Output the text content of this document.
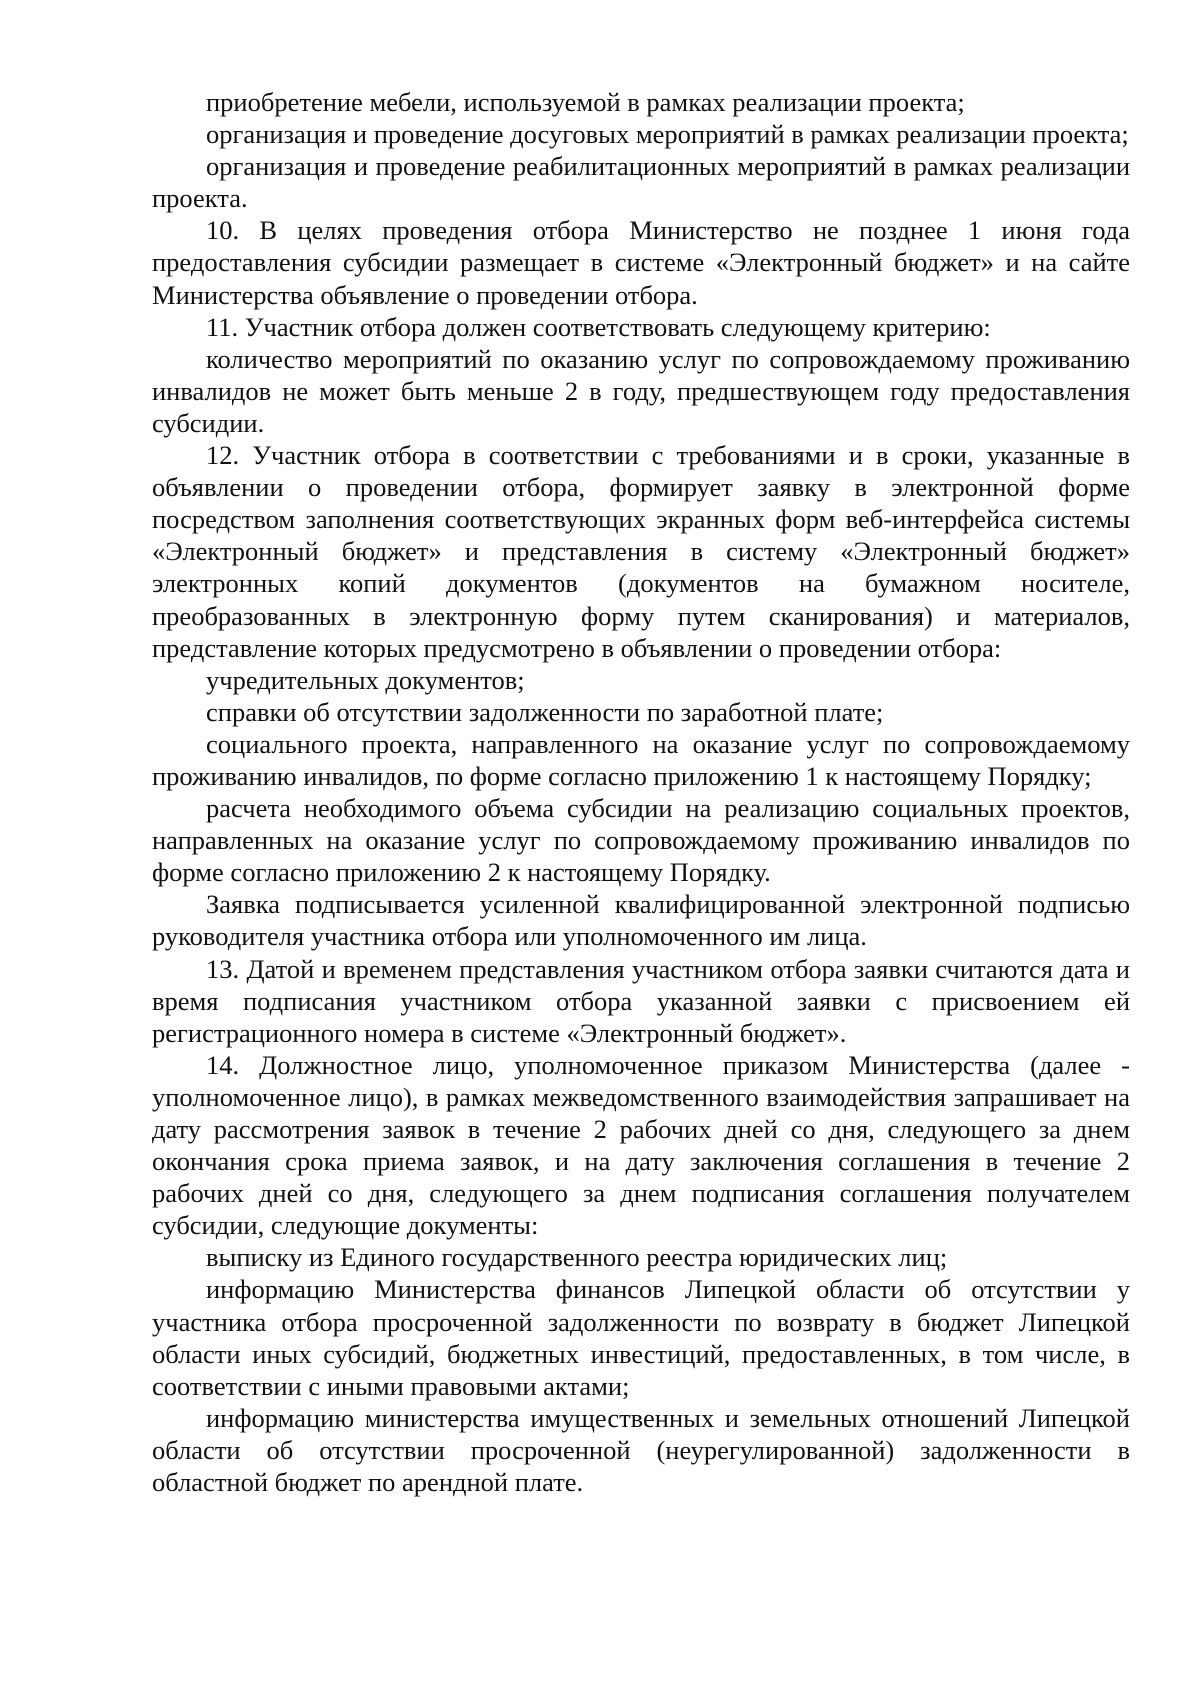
приобретение мебели, используемой в рамках реализации проекта;

организация и проведение досуговых мероприятий в рамках реализации проекта;

организация и проведение реабилитационных мероприятий в рамках реализации проекта.

10. В целях проведения отбора Министерство не позднее 1 июня года предоставления субсидии размещает в системе «Электронный бюджет» и на сайте Министерства объявление о проведении отбора.

11. Участник отбора должен соответствовать следующему критерию:

количество мероприятий по оказанию услуг по сопровождаемому проживанию инвалидов не может быть меньше 2 в году, предшествующем году предоставления субсидии.

12. Участник отбора в соответствии с требованиями и в сроки, указанные в объявлении о проведении отбора, формирует заявку в электронной форме посредством заполнения соответствующих экранных форм веб-интерфейса системы «Электронный бюджет» и представления в систему «Электронный бюджет» электронных копий документов (документов на бумажном носителе, преобразованных в электронную форму путем сканирования) и материалов, представление которых предусмотрено в объявлении о проведении отбора:

учредительных документов;

справки об отсутствии задолженности по заработной плате;

социального проекта, направленного на оказание услуг по сопровождаемому проживанию инвалидов, по форме согласно приложению 1 к настоящему Порядку;

расчета необходимого объема субсидии на реализацию социальных проектов, направленных на оказание услуг по сопровождаемому проживанию инвалидов по форме согласно приложению 2 к настоящему Порядку.

Заявка подписывается усиленной квалифицированной электронной подписью руководителя участника отбора или уполномоченного им лица.

13. Датой и временем представления участником отбора заявки считаются дата и время подписания участником отбора указанной заявки с присвоением ей регистрационного номера в системе «Электронный бюджет».

14. Должностное лицо, уполномоченное приказом Министерства (далее - уполномоченное лицо), в рамках межведомственного взаимодействия запрашивает на дату рассмотрения заявок в течение 2 рабочих дней со дня, следующего за днем окончания срока приема заявок, и на дату заключения соглашения в течение 2 рабочих дней со дня, следующего за днем подписания соглашения получателем субсидии, следующие документы:

выписку из Единого государственного реестра юридических лиц;

информацию Министерства финансов Липецкой области об отсутствии у участника отбора просроченной задолженности по возврату в бюджет Липецкой области иных субсидий, бюджетных инвестиций, предоставленных, в том числе, в соответствии с иными правовыми актами;

информацию министерства имущественных и земельных отношений Липецкой области об отсутствии просроченной (неурегулированной) задолженности в областной бюджет по арендной плате.
